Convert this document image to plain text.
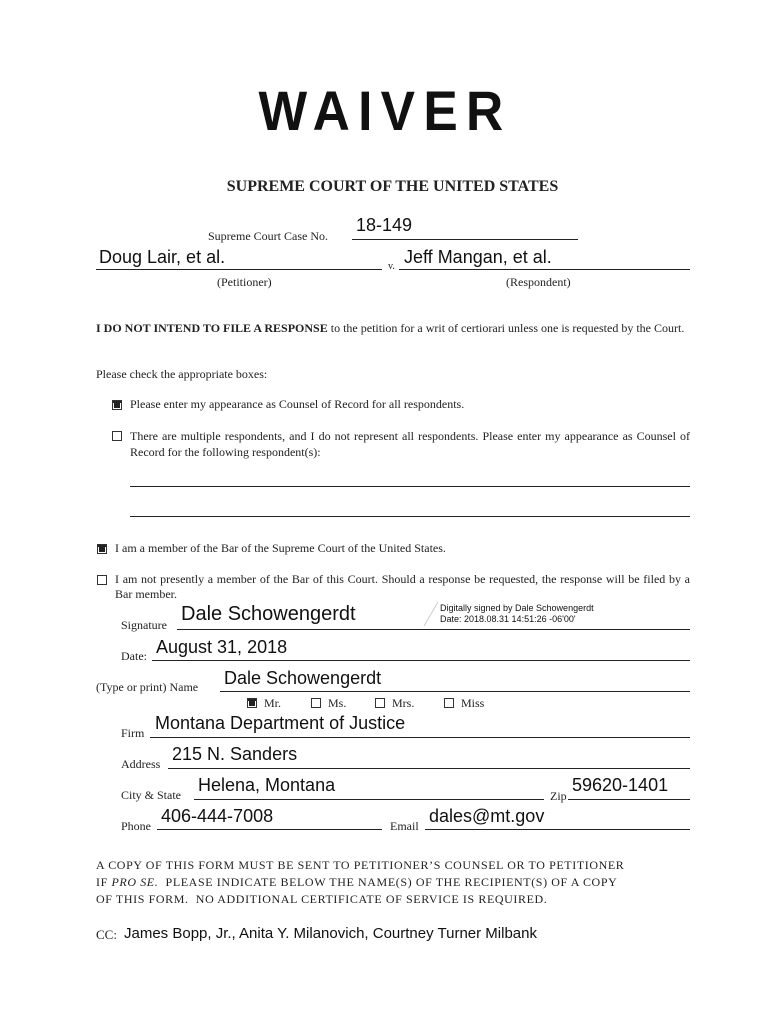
WAIVER
SUPREME COURT OF THE UNITED STATES
Supreme Court Case No.
18-149
Doug Lair, et al.	v. Jeff Mangan, et al.
(Petitioner)	(Respondent)
I DO NOT INTEND TO FILE A RESPONSE to the petition for a writ of certiorari unless one is requested by the Court.
Please check the appropriate boxes:
Please enter my appearance as Counsel of Record for all respondents.
There are multiple respondents, and I do not represent all respondents. Please enter my appearance as Counsel of Record for the following respondent(s):
I am a member of the Bar of the Supreme Court of the United States.
I am not presently a member of the Bar of this Court. Should a response be requested, the response will be filed by a Bar member.
Signature Dale Schowengerdt	Digitally signed by Dale Schowengerdt
Date: 2018.08.31 14:51:26 -06'00'
Date: August 31, 2018
(Type or print) Name Dale Schowengerdt
Mr.	Ms.	Mrs.	Miss
Firm Montana Department of Justice
Address 215 N. Sanders
City & State Helena, Montana
Zip
59620-1401
Phone 406-444-7008	Email dales@mt.gov
A COPY OF THIS FORM MUST BE SENT TO PETITIONER’S COUNSEL OR TO PETITIONER
IF PRO SE.  PLEASE INDICATE BELOW THE NAME(S) OF THE RECIPIENT(S) OF A COPY
OF THIS FORM.  NO ADDITIONAL CERTIFICATE OF SERVICE IS REQUIRED.
CC: James Bopp, Jr., Anita Y. Milanovich, Courtney Turner Milbank
